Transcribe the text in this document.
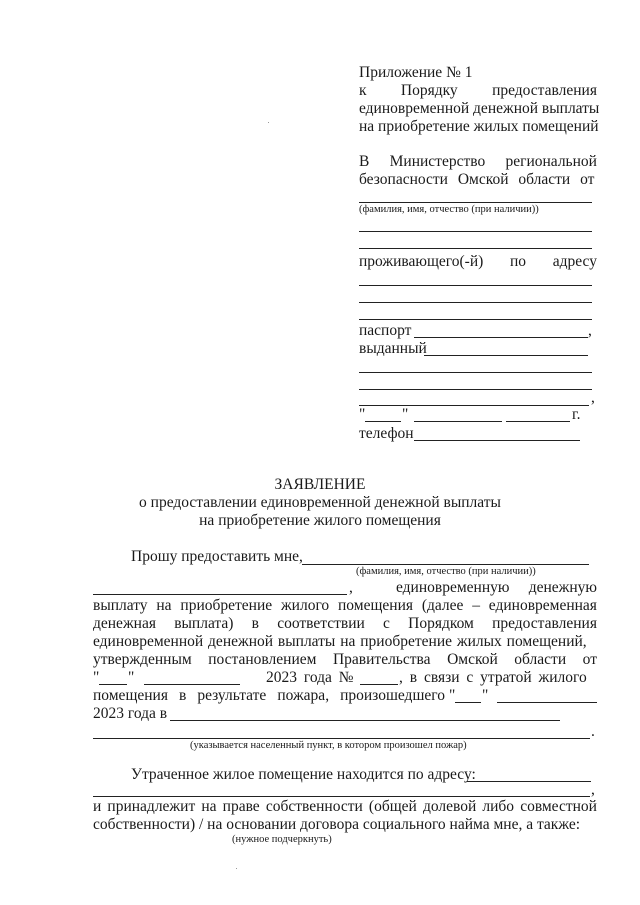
Приложение № 1
к Порядку предоставления
единовременной денежной выплаты
на приобретение жилых помещений
В Министерство региональной
безопасности Омской области от
(фамилия, имя, отчество (при наличии))
проживающего(-й) по адресу
паспорт	,
выданный
,
" "	г.
телефон
ЗАЯВЛЕНИЕ
о предоставлении единовременной денежной выплаты
на приобретение жилого помещения
Прошу предоставить мне,
(фамилия, имя, отчество (при наличии))
,	единовременную денежную
выплату на приобретение жилого помещения (далее – единовременная
денежная выплата) в соответствии с Порядком предоставления
единовременной денежной выплаты на приобретение жилых помещений,
утвержденным постановлением Правительства Омской области от
" "	2023 года №	, в связи с утратой жилого
помещения в результате пожара, произошедшего " "
2023 года в
.
(указывается населенный пункт, в котором произошел пожар)
Утраченное жилое помещение находится по адресу:
,
и принадлежит на праве собственности (общей долевой либо совместной
собственности) / на основании договора социального найма мне, а также:
(нужное подчеркнуть)
